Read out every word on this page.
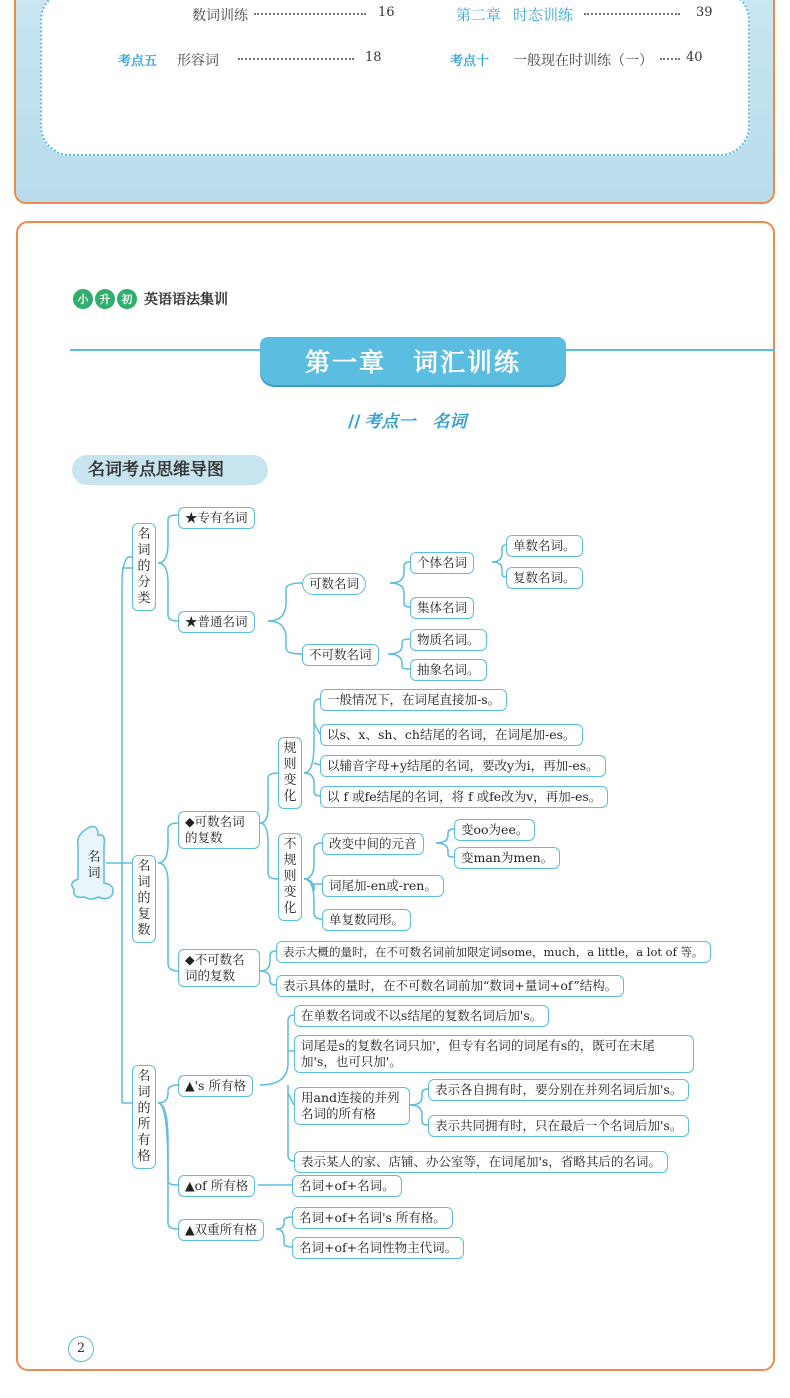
数词训练	16	第二章 时态训练	39
考点五 形容词	18	考点十 一般现在时训练（一）	40
小	升	初 英语语法集训
第一章　词汇训练
// 考点一　名词
名词考点思维导图
名词
名词的分类
★专有名词
★普通名词
可数名词
个体名词
单数名词。
复数名词。
集体名词
不可数名词
物质名词。
抽象名词。
名词的复数
◆可数名词的复数
规则变化
一般情况下，在词尾直接加-s。
以s、x、sh、ch结尾的名词，在词尾加-es。
以辅音字母+y结尾的名词，要改y为i，再加-es。
以 f 或fe结尾的名词，将 f 或fe改为v，再加-es。
不规则变化
改变中间的元音
变oo为ee。
变man为men。
词尾加-en或-ren。
单复数同形。
◆不可数名词的复数
表示大概的量时，在不可数名词前加限定词some，much，a little，a lot of 等。
表示具体的量时，在不可数名词前加“数词+量词+of”结构。
名词的所有格
▲'s 所有格
在单数名词或不以s结尾的复数名词后加's。
词尾是s的复数名词只加'，但专有名词的词尾有s的，既可在末尾加's，也可只加'。
用and连接的并列名词的所有格
表示各自拥有时，要分别在并列名词后加's。
表示共同拥有时，只在最后一个名词后加's。
表示某人的家、店铺、办公室等，在词尾加's，省略其后的名词。
▲of 所有格	名词+of+名词。
▲双重所有格
名词+of+名词's 所有格。
名词+of+名词性物主代词。
2
